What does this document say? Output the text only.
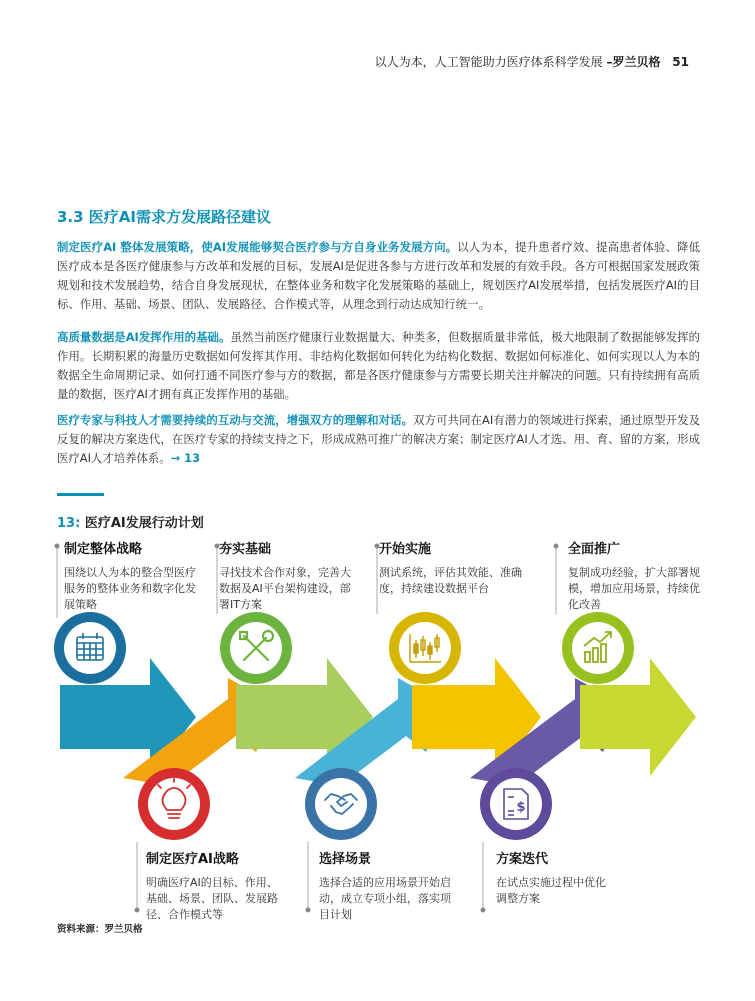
以人为本，人工智能助力医疗体系科学发展 –罗兰贝格 51
3.3 医疗AI需求方发展路径建议
制定医疗AI 整体发展策略，使AI发展能够契合医疗参与方自身业务发展方向。以人为本，提升患者疗效、提高患者体验、降低医疗成本是各医疗健康参与方改革和发展的目标，发展AI是促进各参与方进行改革和发展的有效手段。各方可根据国家发展政策规划和技术发展趋势，结合自身发展现状，在整体业务和数字化发展策略的基础上，规划医疗AI发展举措，包括发展医疗AI的目标、作用、基础、场景、团队、发展路径、合作模式等，从理念到行动达成知行统一。
高质量数据是AI发挥作用的基础。虽然当前医疗健康行业数据量大、种类多，但数据质量非常低，极大地限制了数据能够发挥的作用。长期积累的海量历史数据如何发挥其作用、非结构化数据如何转化为结构化数据、数据如何标准化、如何实现以人为本的数据全生命周期记录、如何打通不同医疗参与方的数据，都是各医疗健康参与方需要长期关注并解决的问题。只有持续拥有高质量的数据，医疗AI才拥有真正发挥作用的基础。
医疗专家与科技人才需要持续的互动与交流，增强双方的理解和对话。双方可共同在AI有潜力的领域进行探索，通过原型开发及反复的解决方案迭代，在医疗专家的持续支持之下，形成成熟可推广的解决方案；制定医疗AI人才选、用、育、留的方案，形成医疗AI人才培养体系。→ 13
13: 医疗AI发展行动计划
$
制定整体战略
围绕以人为本的整合型医疗服务的整体业务和数字化发展策略
夯实基础
寻找技术合作对象，完善大数据及AI平台架构建设，部署IT方案
开始实施
测试系统，评估其效能、准确度，持续建设数据平台
全面推广
复制成功经验，扩大部署规模，增加应用场景，持续优化改善
制定医疗AI战略
明确医疗AI的目标、作用、基础、场景、团队、发展路径、合作模式等
选择场景
选择合适的应用场景开始启动，成立专项小组，落实项目计划
方案迭代
在试点实施过程中优化调整方案
资料来源：罗兰贝格
